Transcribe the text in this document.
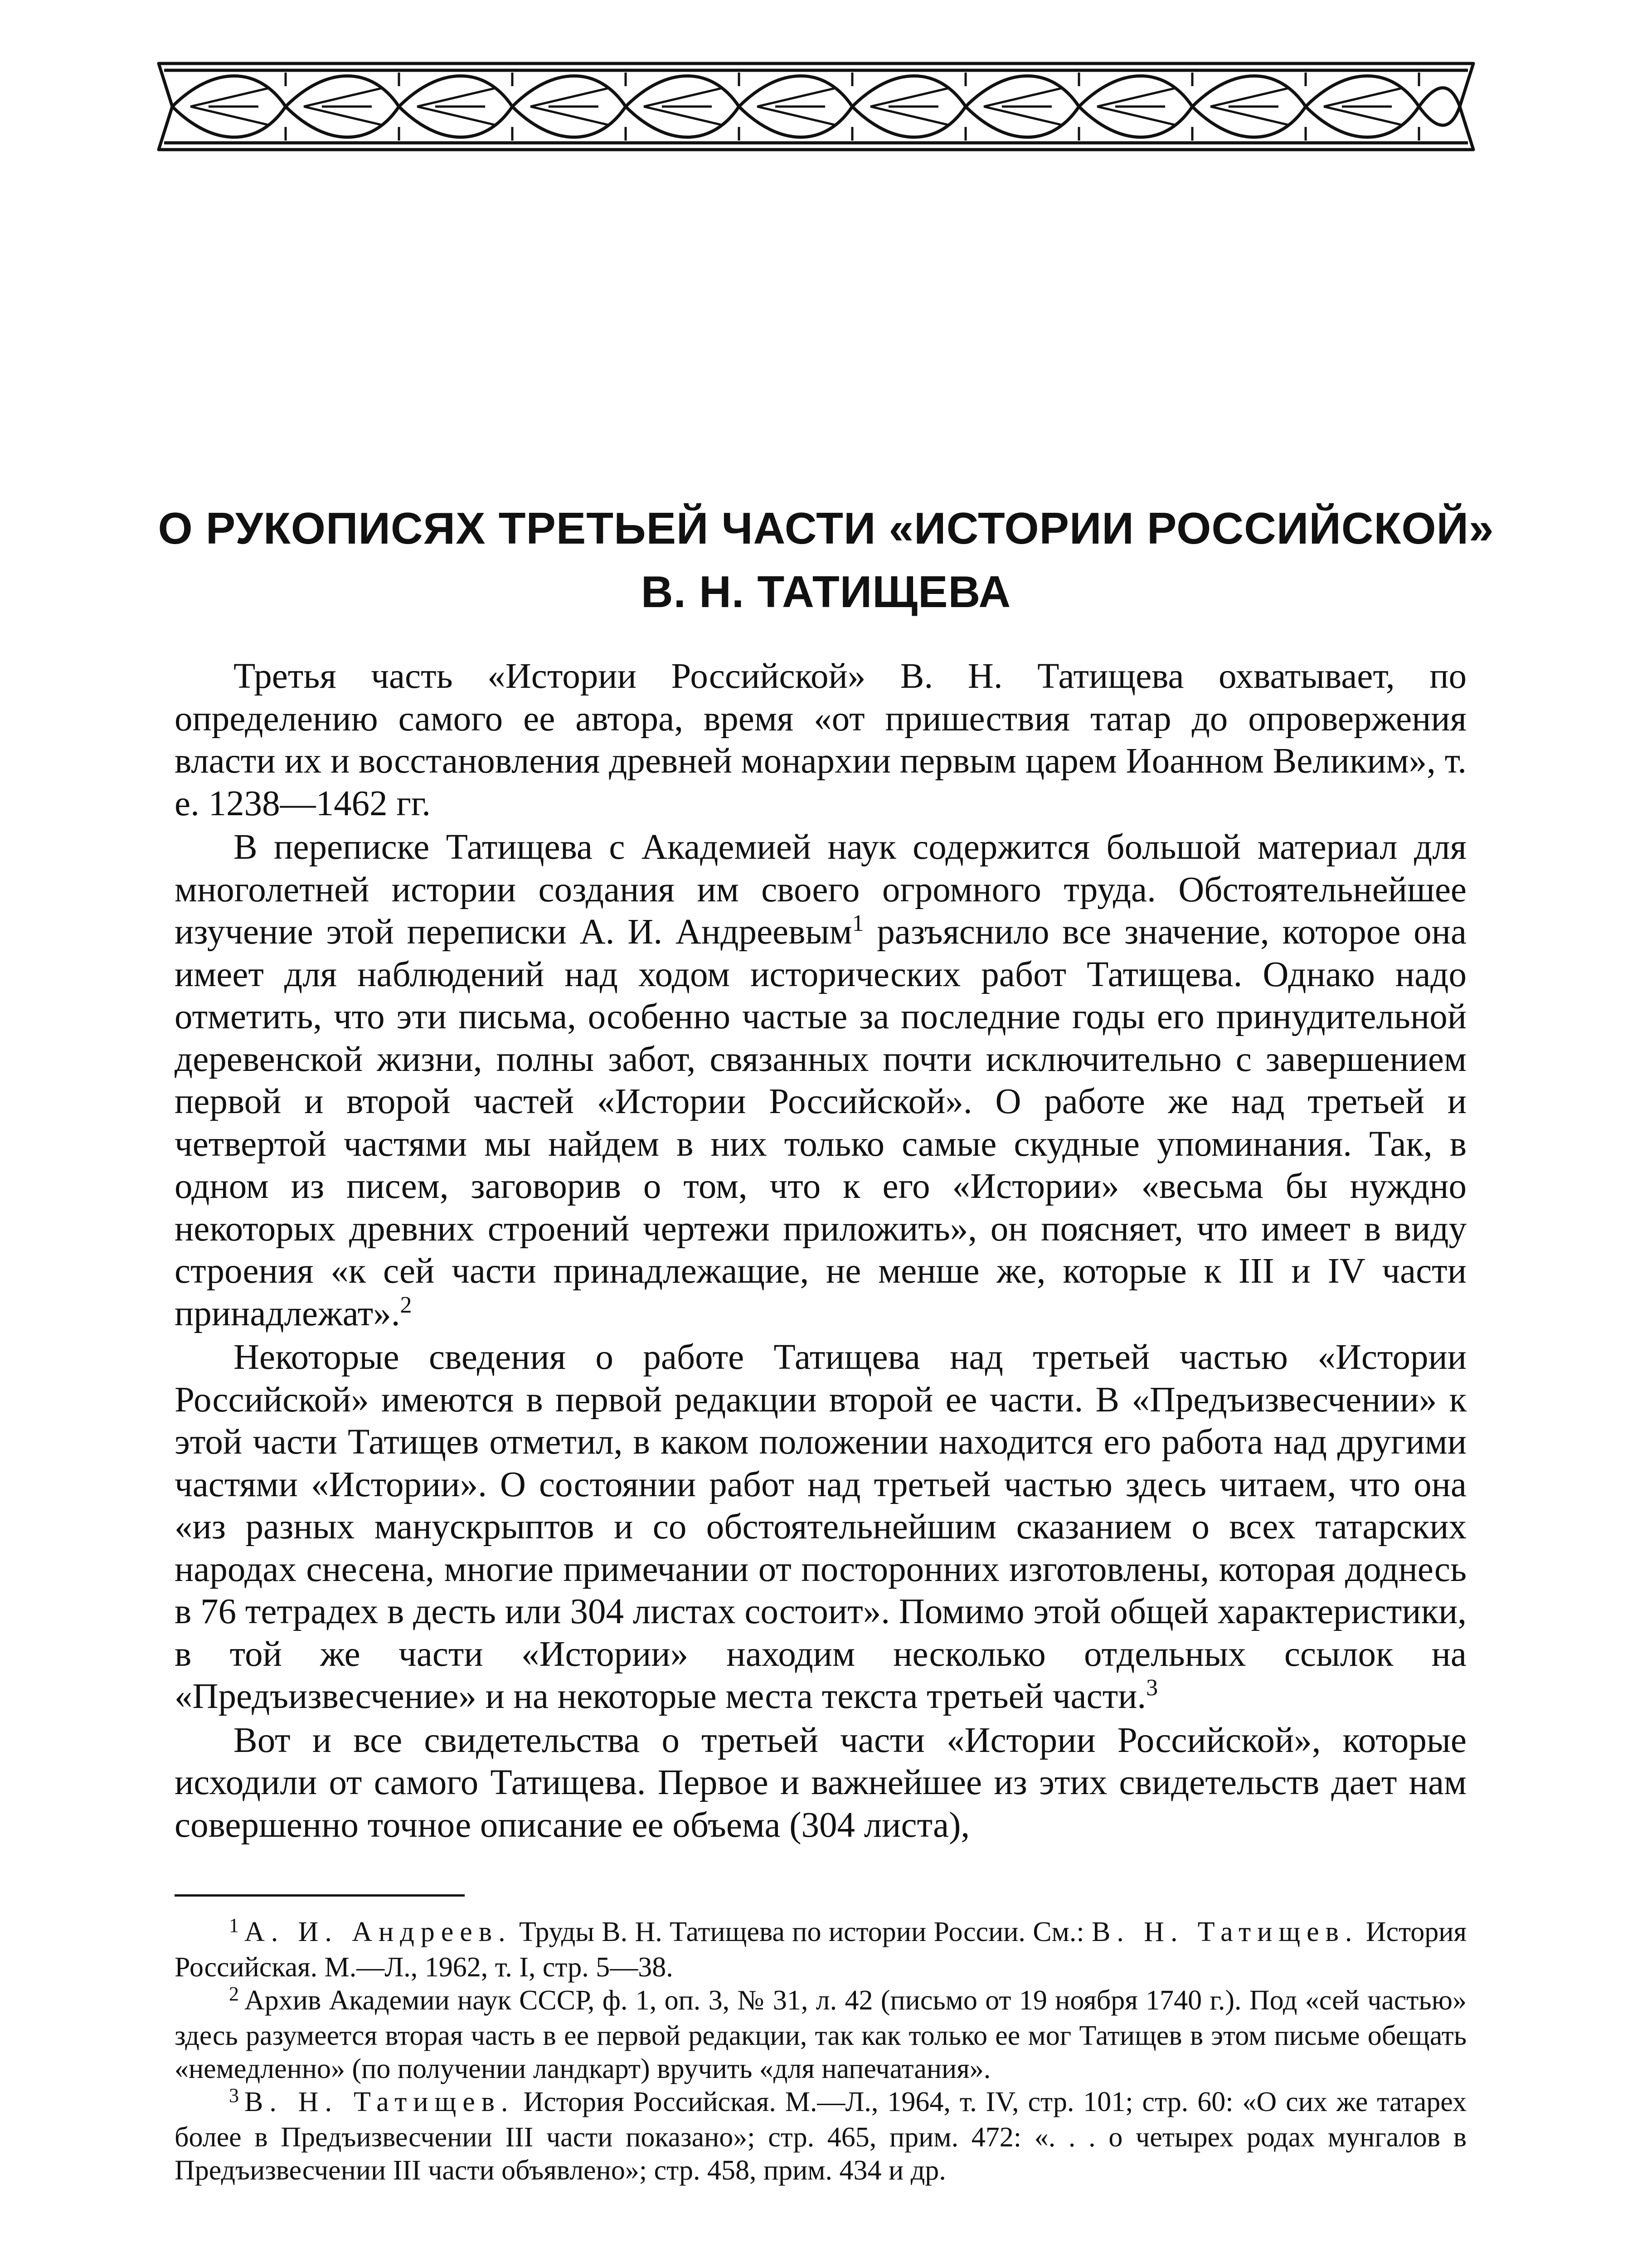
О РУКОПИСЯХ ТРЕТЬЕЙ ЧАСТИ «ИСТОРИИ РОССИЙСКОЙ»
В. Н. ТАТИЩЕВА

Третья часть «Истории Российской» В. Н. Татищева охватывает, по определению самого ее автора, время «от пришествия татар до опровержения власти их и восстановления древней монархии первым царем Иоанном Великим», т. е. 1238—1462 гг.

В переписке Татищева с Академией наук содержится большой материал для многолетней истории создания им своего огромного труда. Обстоятельнейшее изучение этой переписки А. И. Андреевым$^1$ разъяснило все значение, которое она имеет для наблюдений над ходом исторических работ Татищева. Однако надо отметить, что эти письма, особенно частые за последние годы его принудительной деревенской жизни, полны забот, связанных почти исключительно с завершением первой и второй частей «Истории Российской». О работе же над третьей и четвертой частями мы найдем в них только самые скудные упоминания. Так, в одном из писем, заговорив о том, что к его «Истории» «весьма бы нуждно некоторых древних строений чертежи приложить», он поясняет, что имеет в виду строения «к сей части принадлежащие, не менше же, которые к III и IV части принадлежат».$^2$

Некоторые сведения о работе Татищева над третьей частью «Истории Российской» имеются в первой редакции второй ее части. В «Предъизвесчении» к этой части Татищев отметил, в каком положении находится его работа над другими частями «Истории». О состоянии работ над третьей частью здесь читаем, что она «из разных манускрыптов и со обстоятельнейшим сказанием о всех татарских народах снесена, многие примечании от посторонних изготовлены, которая доднесь в 76 тетрадех в десть или 304 листах состоит». Помимо этой общей характеристики, в той же части «Истории» находим несколько отдельных ссылок на «Предъизвесчение» и на некоторые места текста третьей части.$^3$

Вот и все свидетельства о третьей части «Истории Российской», которые исходили от самого Татищева. Первое и важнейшее из этих свидетельств дает нам совершенно точное описание ее объема (304 листа),

$^1$ А. И. Андреев. Труды В. Н. Татищева по истории России. См.: В. Н. Татищев. История Российская. М.—Л., 1962, т. I, стр. 5—38.

$^2$ Архив Академии наук СССР, ф. 1, оп. 3, № 31, л. 42 (письмо от 19 ноября 1740 г.). Под «сей частью» здесь разумеется вторая часть в ее первой редакции, так как только ее мог Татищев в этом письме обещать «немедленно» (по получении ландкарт) вручить «для напечатания».

$^3$ В. Н. Татищев. История Российская. М.—Л., 1964, т. IV, стр. 101; стр. 60: «О сих же татарех более в Предъизвесчении III части показано»; стр. 465, прим. 472: «. . . о четырех родах мунгалов в Предъизвесчении III части объявлено»; стр. 458, прим. 434 и др.
